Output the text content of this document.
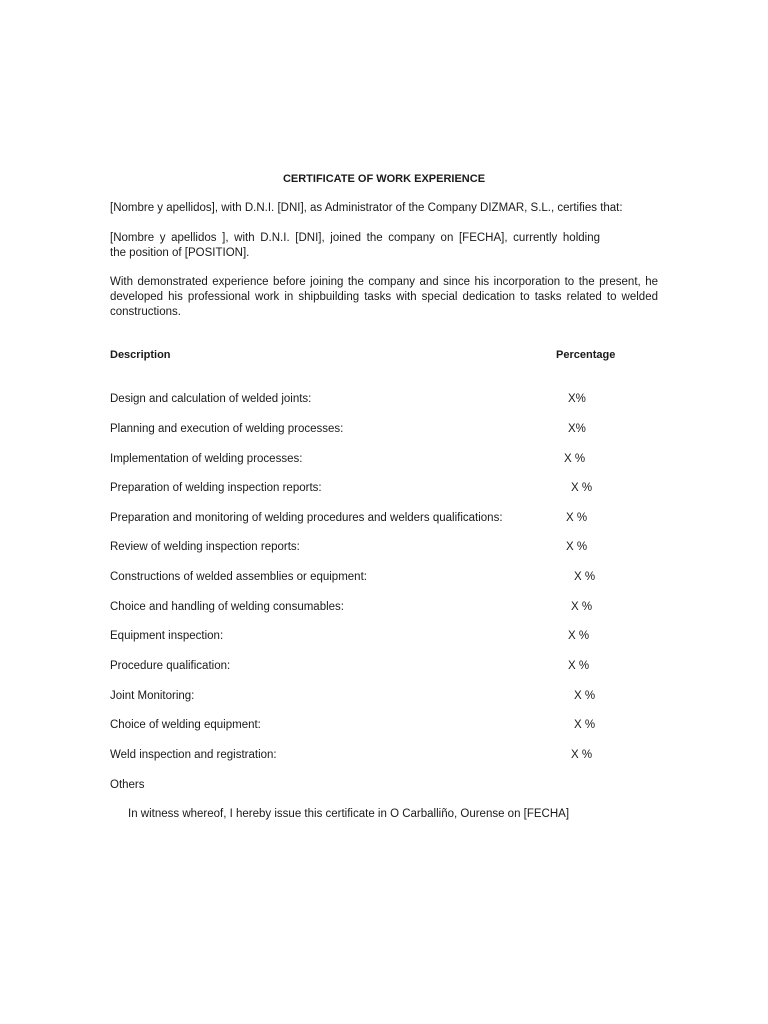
CERTIFICATE OF WORK EXPERIENCE

[Nombre y apellidos], with D.N.I. [DNI], as Administrator of the Company DIZMAR, S.L., certifies that:

[Nombre y apellidos ], with D.N.I. [DNI], joined the company on [FECHA], currently holding
the position of [POSITION].

With demonstrated experience before joining the company and since his incorporation to the present, he developed his professional work in shipbuilding tasks with special dedication to tasks related to welded constructions.

Description	Percentage
Design and calculation of welded joints:	X%
Planning and execution of welding processes:	X%
Implementation of welding processes:	X %
Preparation of welding inspection reports:	X %
Preparation and monitoring of welding procedures and welders qualifications:	X %
Review of welding inspection reports:	X %
Constructions of welded assemblies or equipment:	X %
Choice and handling of welding consumables:	X %
Equipment inspection:	X %
Procedure qualification:	X %
Joint Monitoring:	X %
Choice of welding equipment:	X %
Weld inspection and registration:	X %
Others
In witness whereof, I hereby issue this certificate in O Carballiño, Ourense on [FECHA]
